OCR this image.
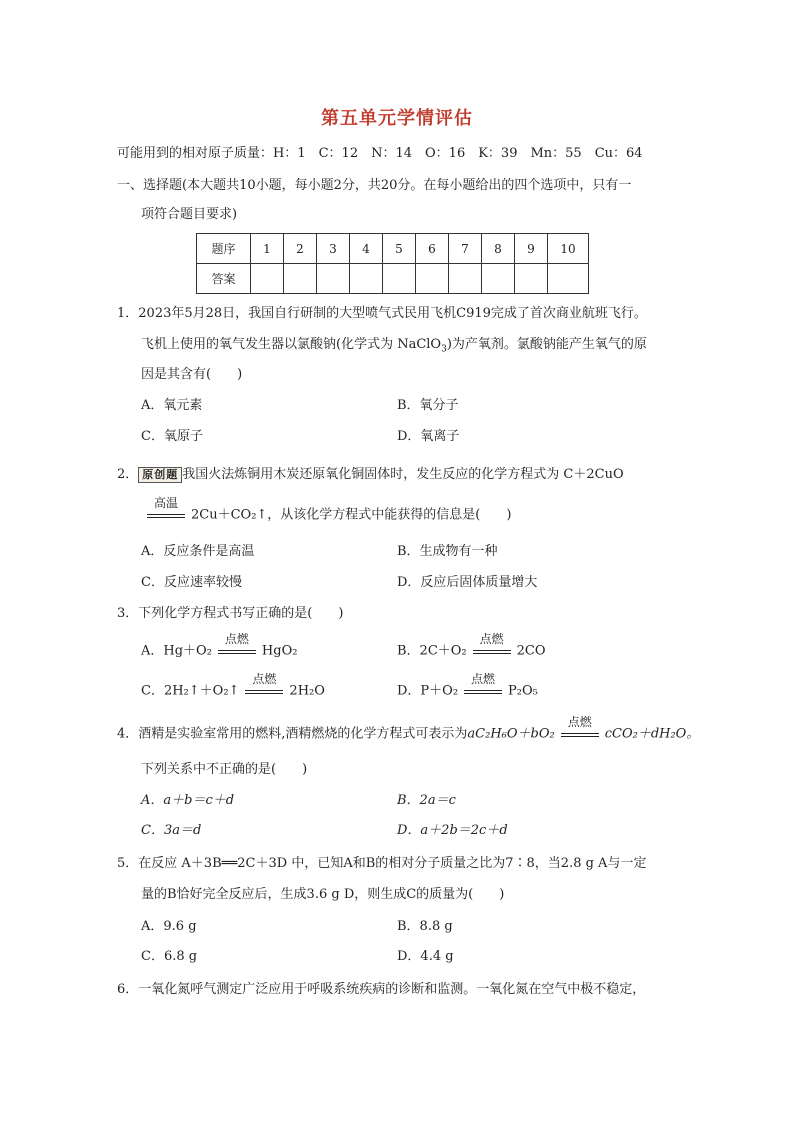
第五单元学情评估
可能用到的相对原子质量：H：1　C：12　N：14　O：16　K：39　Mn：55　Cu：64
一、选择题(本大题共10小题，每小题2分，共20分。在每小题给出的四个选项中，只有一
项符合题目要求)
题序	1	2	3	4	5	6	7	8	9	10
答案										
1．2023年5月28日，我国自行研制的大型喷气式民用飞机C919完成了首次商业航班飞行。
飞机上使用的氧气发生器以氯酸钠(化学式为 NaClO$_3$)为产氧剂。氯酸钠能产生氧气的原
因是其含有(　　)
A．氧元素	B．氧分子
C．氧原子	D．氧离子
2． 原创题 我国火法炼铜用木炭还原氧化铜固体时，发生反应的化学方程式为 C＋2CuO
高温
2Cu＋CO₂↑，从该化学方程式中能获得的信息是(　　)
A．反应条件是高温	B．生成物有一种
C．反应速率较慢	D．反应后固体质量增大
3．下列化学方程式书写正确的是(　　)
A．Hg＋O₂
点燃
HgO₂	B．2C＋O₂
点燃
2CO
C．2H₂↑＋O₂↑
点燃
2H₂O	D．P＋O₂
点燃
P₂O₅
4．酒精是实验室常用的燃料,酒精燃烧的化学方程式可表示为aC₂H₆O＋bO₂
点燃
cCO₂＋dH₂O。
下列关系中不正确的是(　　)
A．a＋b＝c＋d	B．2a＝c
C．3a＝d	D．a＋2b＝2c＋d
5．在反应 A＋3B══2C＋3D 中，已知A和B的相对分子质量之比为7∶8，当2.8 g A与一定
量的B恰好完全反应后，生成3.6 g D，则生成C的质量为(　　)
A．9.6 g	B．8.8 g
C．6.8 g	D．4.4 g
6．一氧化氮呼气测定广泛应用于呼吸系统疾病的诊断和监测。一氧化氮在空气中极不稳定，
